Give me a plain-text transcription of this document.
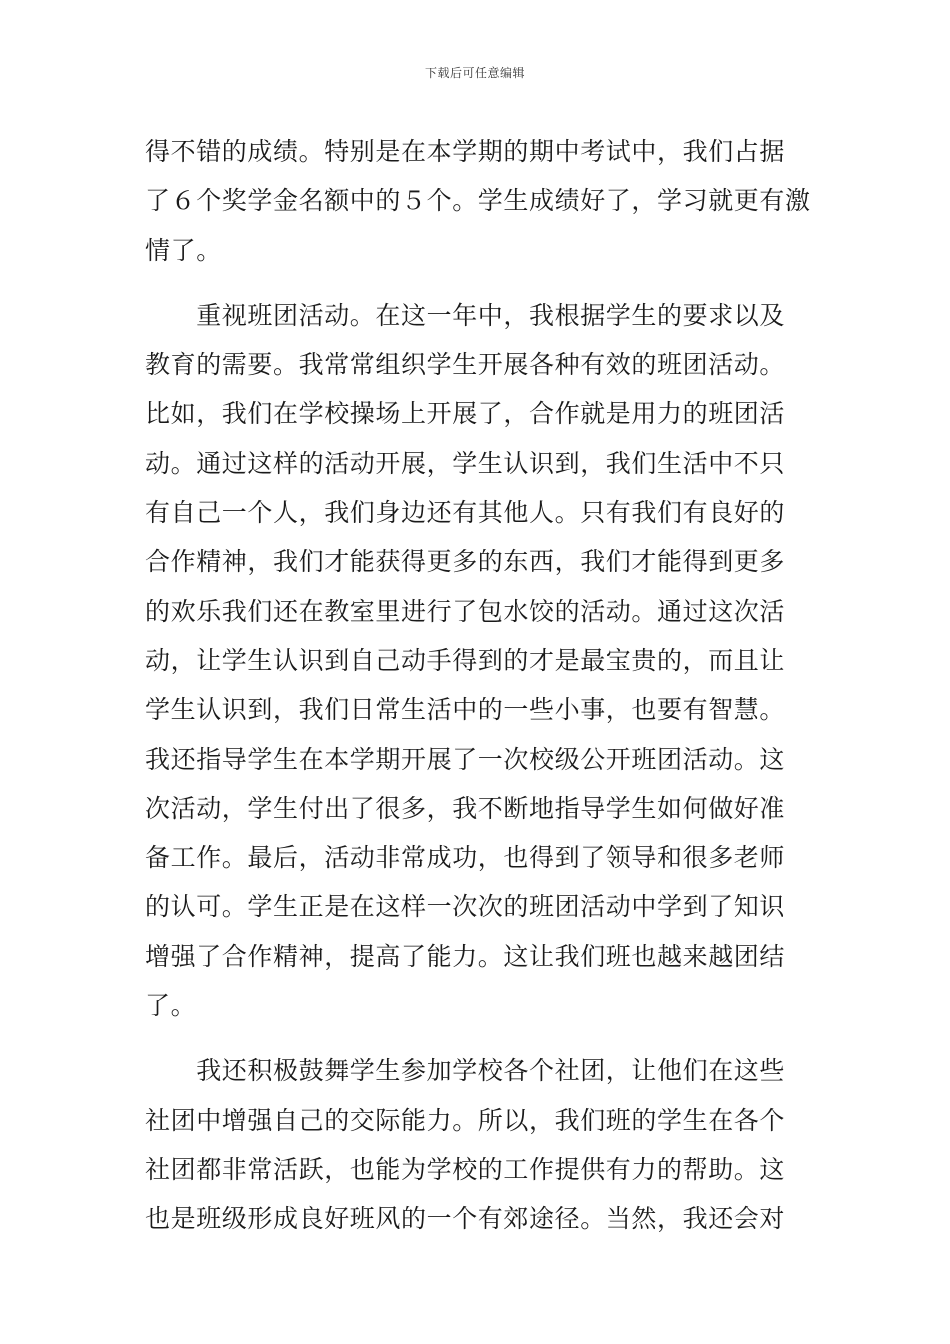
下载后可任意编辑
得不错的成绩。特别是在本学期的期中考试中，我们占据
了６个奖学金名额中的５个。学生成绩好了，学习就更有激
情了。
　　重视班团活动。在这一年中，我根据学生的要求以及
教育的需要。我常常组织学生开展各种有效的班团活动。
比如，我们在学校操场上开展了，合作就是用力的班团活
动。通过这样的活动开展，学生认识到，我们生活中不只
有自己一个人，我们身边还有其他人。只有我们有良好的
合作精神，我们才能获得更多的东西，我们才能得到更多
的欢乐我们还在教室里进行了包水饺的活动。通过这次活
动，让学生认识到自己动手得到的才是最宝贵的，而且让
学生认识到，我们日常生活中的一些小事，也要有智慧。
我还指导学生在本学期开展了一次校级公开班团活动。这
次活动，学生付出了很多，我不断地指导学生如何做好准
备工作。最后，活动非常成功，也得到了领导和很多老师
的认可。学生正是在这样一次次的班团活动中学到了知识
增强了合作精神，提高了能力。这让我们班也越来越团结
了。
　　我还积极鼓舞学生参加学校各个社团，让他们在这些
社团中增强自己的交际能力。所以，我们班的学生在各个
社团都非常活跃，也能为学校的工作提供有力的帮助。这
也是班级形成良好班风的一个有郊途径。当然，我还会对
